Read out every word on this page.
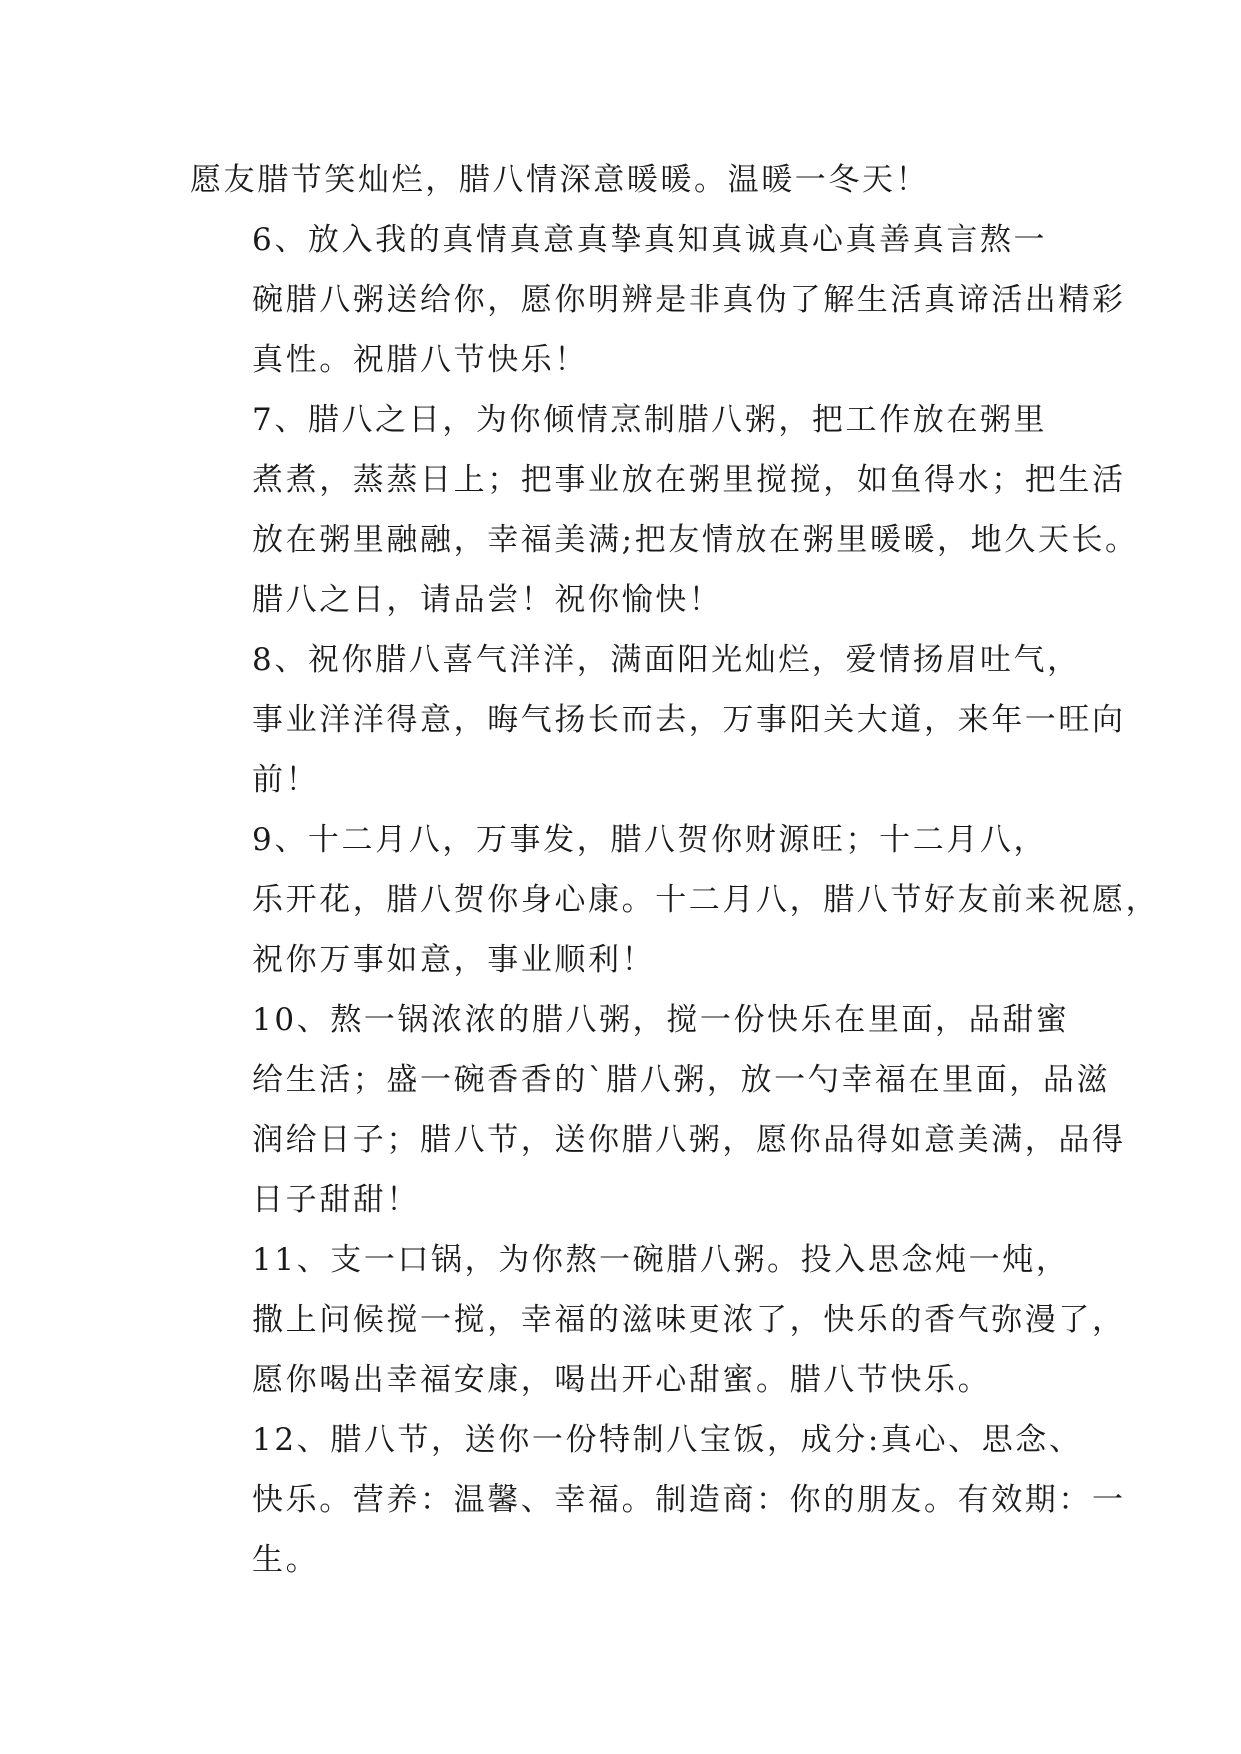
愿友腊节笑灿烂，腊八情深意暖暖。温暖一冬天！

6、放入我的真情真意真挚真知真诚真心真善真言熬一
碗腊八粥送给你，愿你明辨是非真伪了解生活真谛活出精彩
真性。祝腊八节快乐！

7、腊八之日，为你倾情烹制腊八粥，把工作放在粥里
煮煮，蒸蒸日上；把事业放在粥里搅搅，如鱼得水；把生活
放在粥里融融，幸福美满;把友情放在粥里暖暖，地久天长。
腊八之日，请品尝！祝你愉快！

8、祝你腊八喜气洋洋，满面阳光灿烂，爱情扬眉吐气，
事业洋洋得意，晦气扬长而去，万事阳关大道，来年一旺向
前！

9、十二月八，万事发，腊八贺你财源旺；十二月八，
乐开花，腊八贺你身心康。十二月八，腊八节好友前来祝愿，
祝你万事如意，事业顺利！

10、熬一锅浓浓的腊八粥，搅一份快乐在里面，品甜蜜
给生活；盛一碗香香的`腊八粥，放一勺幸福在里面，品滋
润给日子；腊八节，送你腊八粥，愿你品得如意美满，品得
日子甜甜！

11、支一口锅，为你熬一碗腊八粥。投入思念炖一炖，
撒上问候搅一搅，幸福的滋味更浓了，快乐的香气弥漫了，
愿你喝出幸福安康，喝出开心甜蜜。腊八节快乐。

12、腊八节，送你一份特制八宝饭，成分:真心、思念、
快乐。营养：温馨、幸福。制造商：你的朋友。有效期：一
生。
